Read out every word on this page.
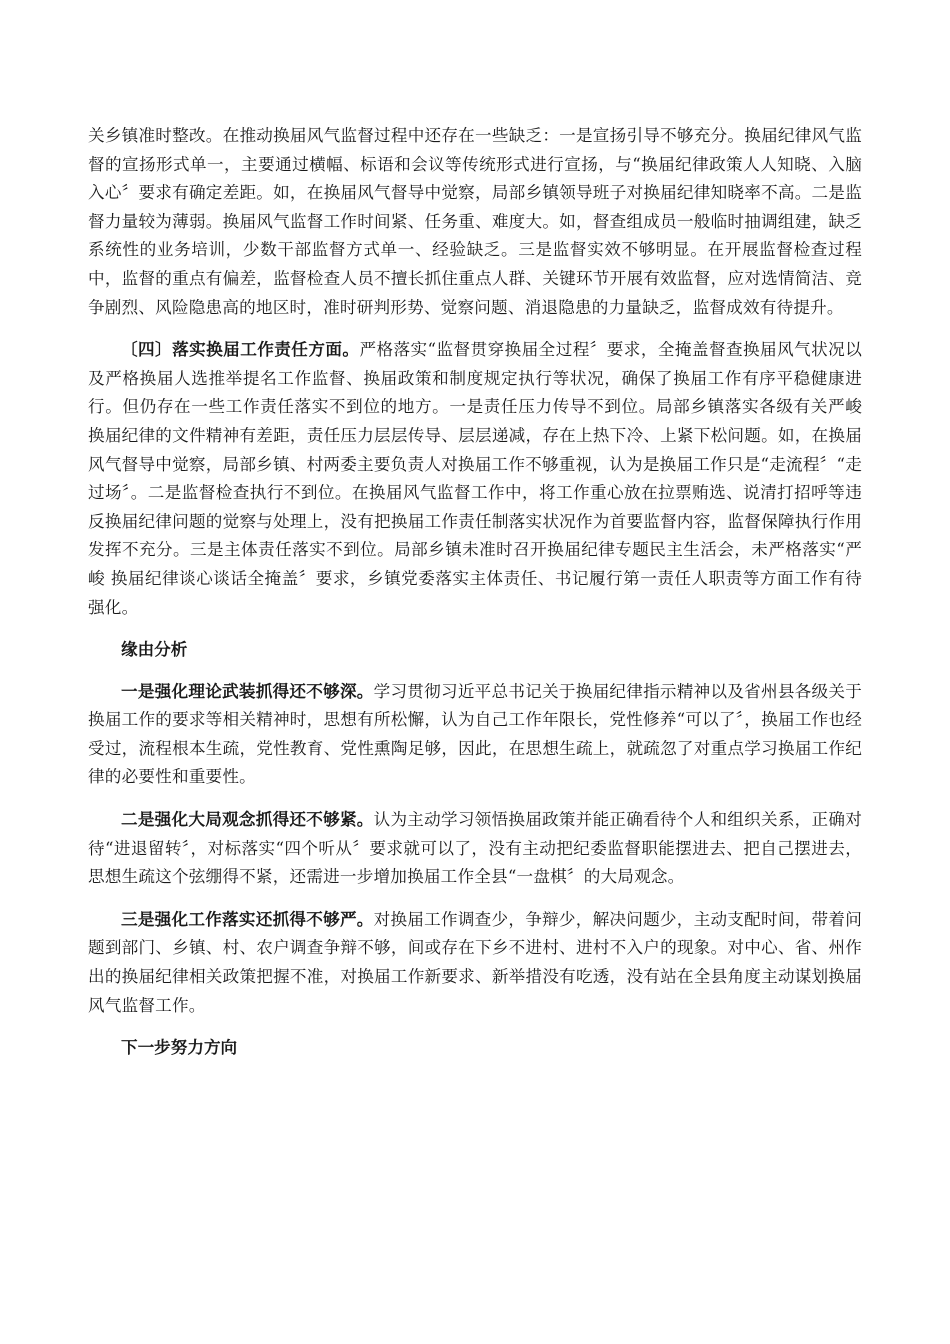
关乡镇准时整改。在推动换届风气监督过程中还存在一些缺乏：一是宣扬引导不够充分。换届纪律风气监督的宣扬形式单一，主要通过横幅、标语和会议等传统形式进行宣扬，与“换届纪律政策人人知晓、入脑入心〞要求有确定差距。如，在换届风气督导中觉察，局部乡镇领导班子对换届纪律知晓率不高。二是监督力量较为薄弱。换届风气监督工作时间紧、任务重、难度大。如，督查组成员一般临时抽调组建，缺乏系统性的业务培训，少数干部监督方式单一、经验缺乏。三是监督实效不够明显。在开展监督检查过程中，监督的重点有偏差，监督检查人员不擅长抓住重点人群、关键环节开展有效监督，应对选情简洁、竞争剧烈、风险隐患高的地区时，准时研判形势、觉察问题、消退隐患的力量缺乏，监督成效有待提升。

〔四〕落实换届工作责任方面。严格落实“监督贯穿换届全过程〞要求，全掩盖督查换届风气状况以及严格换届人选推举提名工作监督、换届政策和制度规定执行等状况，确保了换届工作有序平稳健康进行。但仍存在一些工作责任落实不到位的地方。一是责任压力传导不到位。局部乡镇落实各级有关严峻 换届纪律的文件精神有差距，责任压力层层传导、层层递减，存在上热下冷、上紧下松问题。如，在换届风气督导中觉察，局部乡镇、村两委主要负责人对换届工作不够重视，认为是换届工作只是“走流程〞“走过场〞。二是监督检查执行不到位。在换届风气监督工作中，将工作重心放在拉票贿选、说清打招呼等违反换届纪律问题的觉察与处理上，没有把换届工作责任制落实状况作为首要监督内容，监督保障执行作用发挥不充分。三是主体责任落实不到位。局部乡镇未准时召开换届纪律专题民主生活会，未严格落实“严峻 换届纪律谈心谈话全掩盖〞要求，乡镇党委落实主体责任、书记履行第一责任人职责等方面工作有待强化。

缘由分析

一是强化理论武装抓得还不够深。学习贯彻习近平总书记关于换届纪律指示精神以及省州县各级关于换届工作的要求等相关精神时，思想有所松懈，认为自己工作年限长，党性修养“可以了〞，换届工作也经受过，流程根本生疏，党性教育、党性熏陶足够，因此，在思想生疏上，就疏忽了对重点学习换届工作纪律的必要性和重要性。

二是强化大局观念抓得还不够紧。认为主动学习领悟换届政策并能正确看待个人和组织关系，正确对待“进退留转〞，对标落实“四个听从〞要求就可以了，没有主动把纪委监督职能摆进去、把自己摆进去，思想生疏这个弦绷得不紧，还需进一步增加换届工作全县“一盘棋〞的大局观念。

三是强化工作落实还抓得不够严。对换届工作调查少，争辩少，解决问题少，主动支配时间，带着问题到部门、乡镇、村、农户调查争辩不够，间或存在下乡不进村、进村不入户的现象。对中心、省、州作出的换届纪律相关政策把握不准，对换届工作新要求、新举措没有吃透，没有站在全县角度主动谋划换届风气监督工作。

下一步努力方向
